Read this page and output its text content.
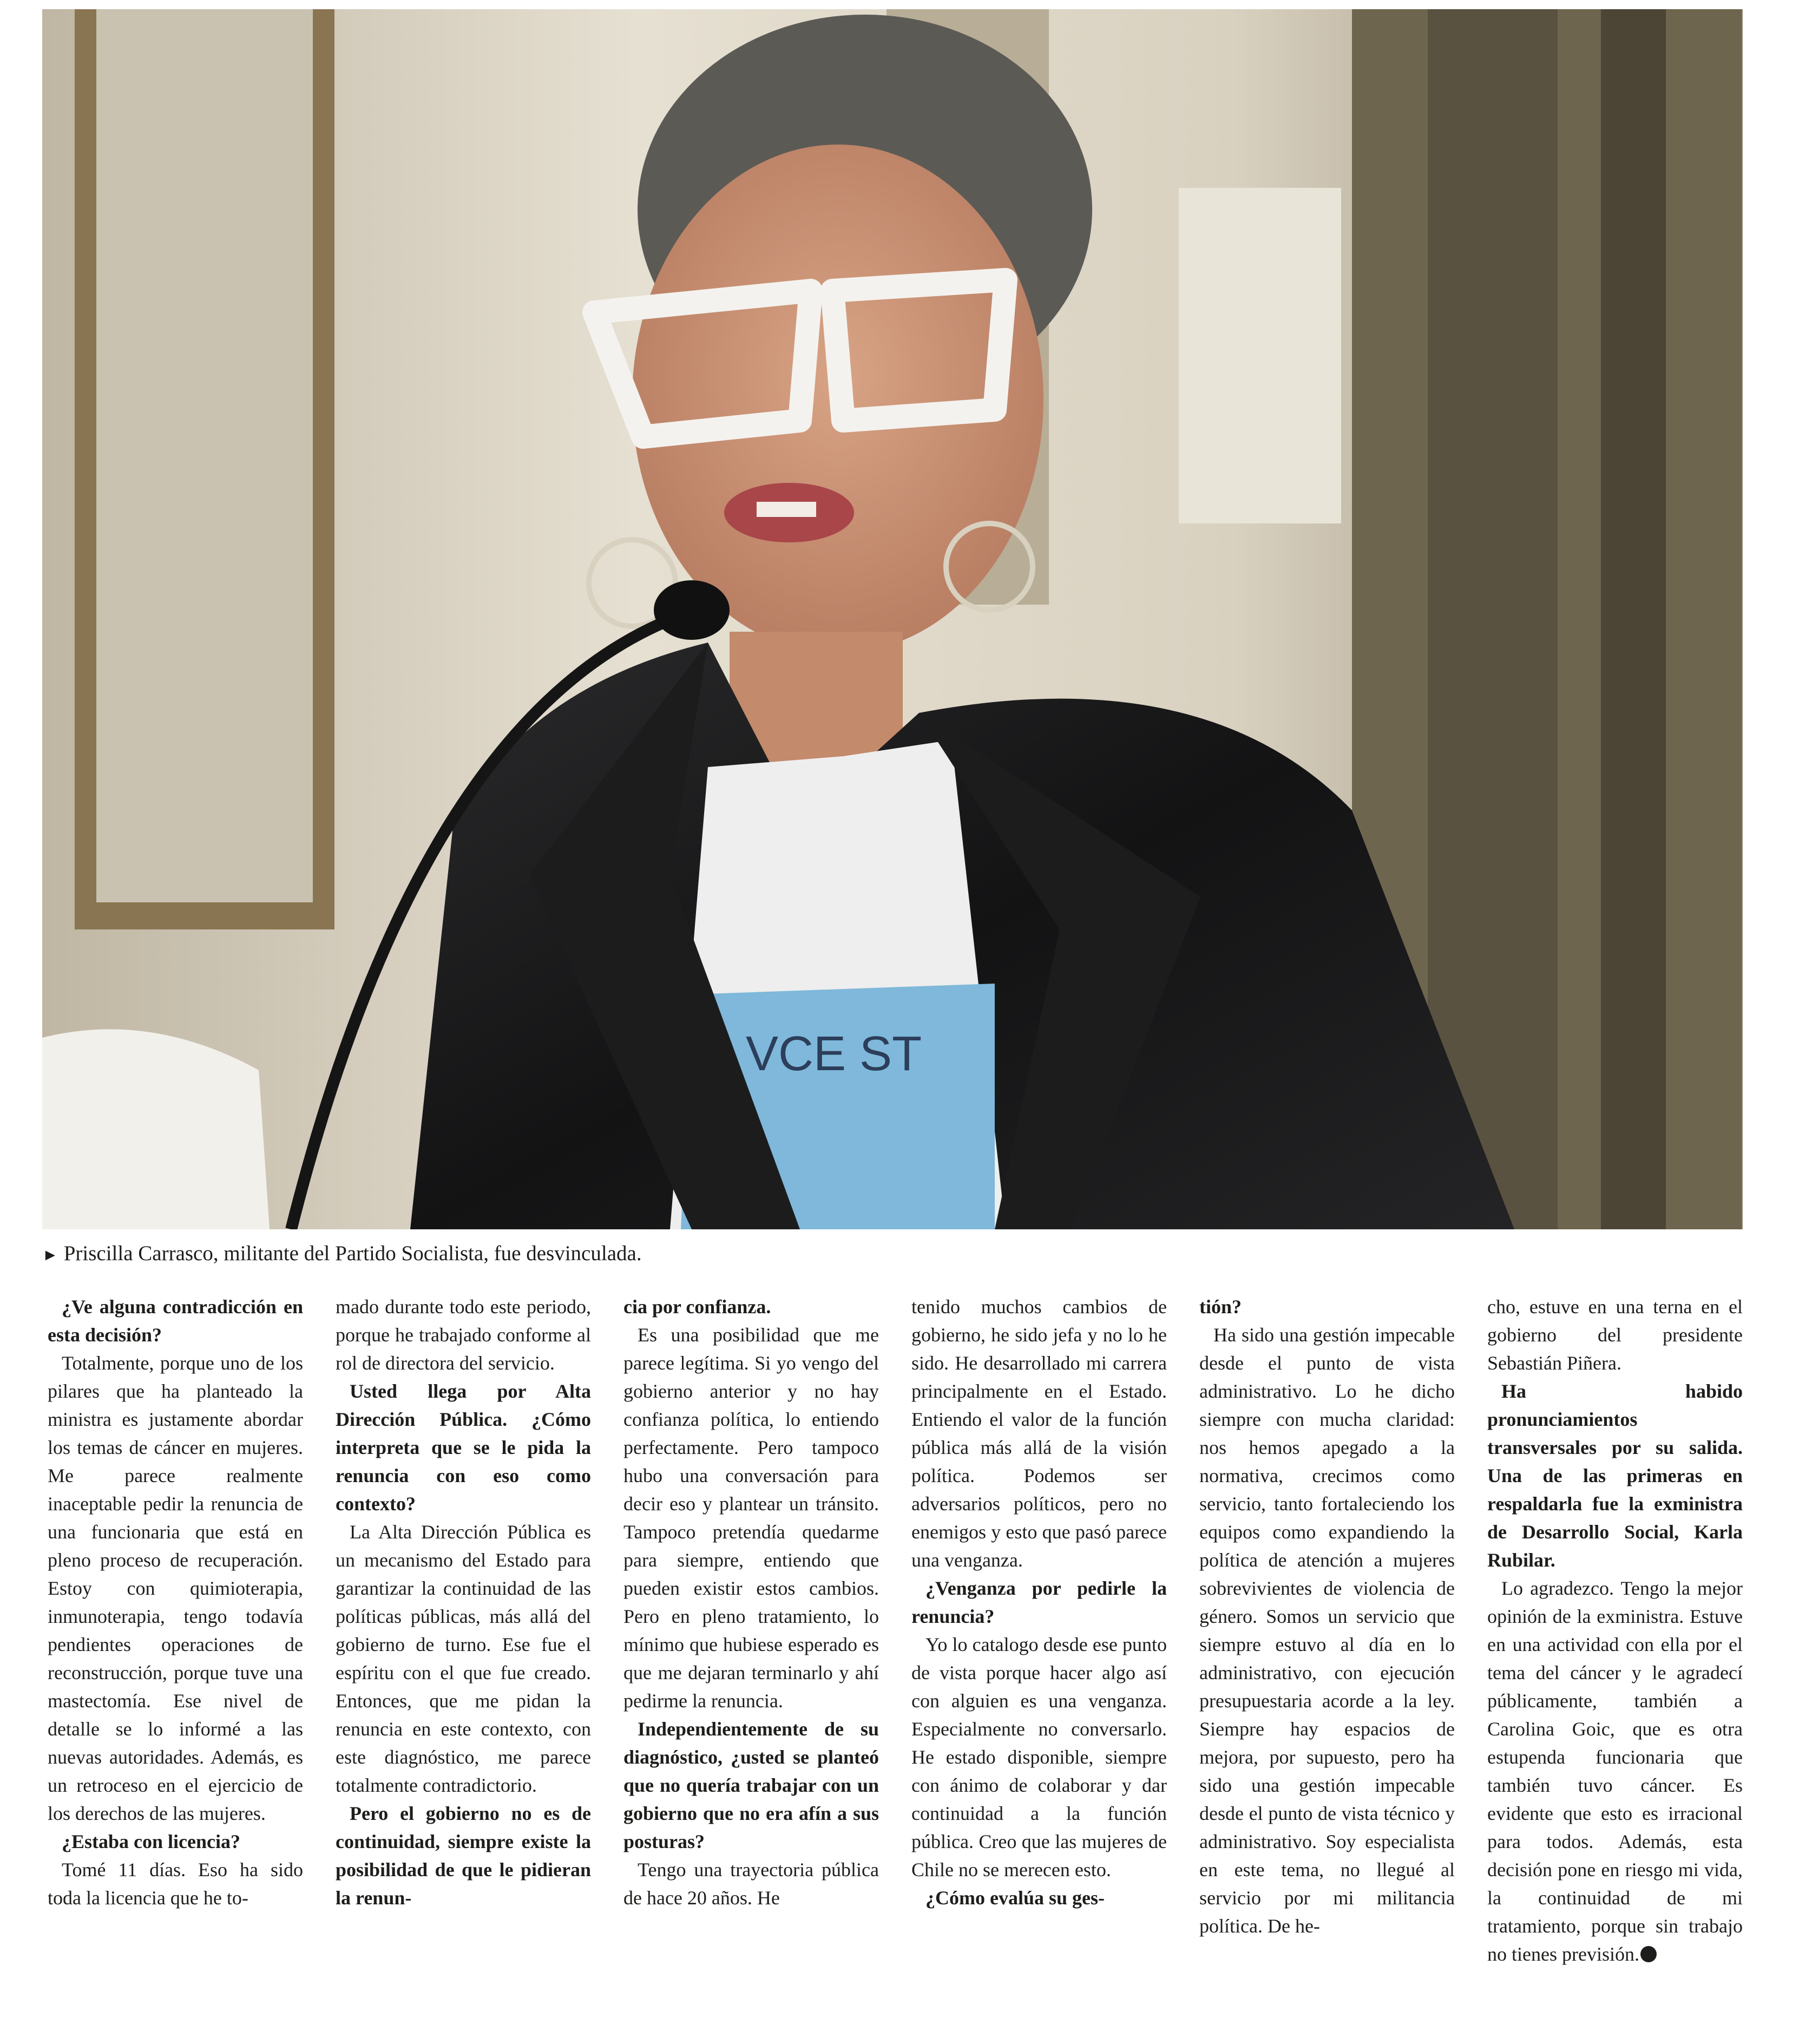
VCE ST
► Priscilla Carrasco, militante del Partido Socialista, fue desvinculada.

¿Ve alguna contradicción en esta decisión?

Totalmente, porque uno de los pilares que ha planteado la ministra es justamente abordar los temas de cáncer en mujeres. Me parece realmente inaceptable pedir la renuncia de una funcionaria que está en pleno proceso de recuperación. Estoy con quimioterapia, inmunoterapia, tengo todavía pendientes operaciones de reconstrucción, porque tuve una mastectomía. Ese nivel de detalle se lo informé a las nuevas autoridades. Además, es un retroceso en el ejercicio de los derechos de las mujeres.

¿Estaba con licencia?

Tomé 11 días. Eso ha sido toda la licencia que he to-

mado durante todo este periodo, porque he trabajado conforme al rol de directora del servicio.

Usted llega por Alta Dirección Pública. ¿Cómo interpreta que se le pida la renuncia con eso como contexto?

La Alta Dirección Pública es un mecanismo del Estado para garantizar la continuidad de las políticas públicas, más allá del gobierno de turno. Ese fue el espíritu con el que fue creado. Entonces, que me pidan la renuncia en este contexto, con este diagnóstico, me parece totalmente contradictorio.

Pero el gobierno no es de continuidad, siempre existe la posibilidad de que le pidieran la renun-

cia por confianza.

Es una posibilidad que me parece legítima. Si yo vengo del gobierno anterior y no hay confianza política, lo entiendo perfectamente. Pero tampoco hubo una conversación para decir eso y plantear un tránsito. Tampoco pretendía quedarme para siempre, entiendo que pueden existir estos cambios. Pero en pleno tratamiento, lo mínimo que hubiese esperado es que me dejaran terminarlo y ahí pedirme la renuncia.

Independientemente de su diagnóstico, ¿usted se planteó que no quería trabajar con un gobierno que no era afín a sus posturas?

Tengo una trayectoria pública de hace 20 años. He

tenido muchos cambios de gobierno, he sido jefa y no lo he sido. He desarrollado mi carrera principalmente en el Estado. Entiendo el valor de la función pública más allá de la visión política. Podemos ser adversarios políticos, pero no enemigos y esto que pasó parece una venganza.

¿Venganza por pedirle la renuncia?

Yo lo catalogo desde ese punto de vista porque hacer algo así con alguien es una venganza. Especialmente no conversarlo. He estado disponible, siempre con ánimo de colaborar y dar continuidad a la función pública. Creo que las mujeres de Chile no se merecen esto.

¿Cómo evalúa su ges-

tión?

Ha sido una gestión impecable desde el punto de vista administrativo. Lo he dicho siempre con mucha claridad: nos hemos apegado a la normativa, crecimos como servicio, tanto fortaleciendo los equipos como expandiendo la política de atención a mujeres sobrevivientes de violencia de género. Somos un servicio que siempre estuvo al día en lo administrativo, con ejecución presupuestaria acorde a la ley. Siempre hay espacios de mejora, por supuesto, pero ha sido una gestión impecable desde el punto de vista técnico y administrativo. Soy especialista en este tema, no llegué al servicio por mi militancia política. De he-

cho, estuve en una terna en el gobierno del presidente Sebastián Piñera.

Ha habido pronunciamientos transversales por su salida. Una de las primeras en respaldarla fue la exministra de Desarrollo Social, Karla Rubilar.

Lo agradezco. Tengo la mejor opinión de la exministra. Estuve en una actividad con ella por el tema del cáncer y le agradecí públicamente, también a Carolina Goic, que es otra estupenda funcionaria que también tuvo cáncer. Es evidente que esto es irracional para todos. Además, esta decisión pone en riesgo mi vida, la continuidad de mi tratamiento, porque sin trabajo no tienes previsión.
